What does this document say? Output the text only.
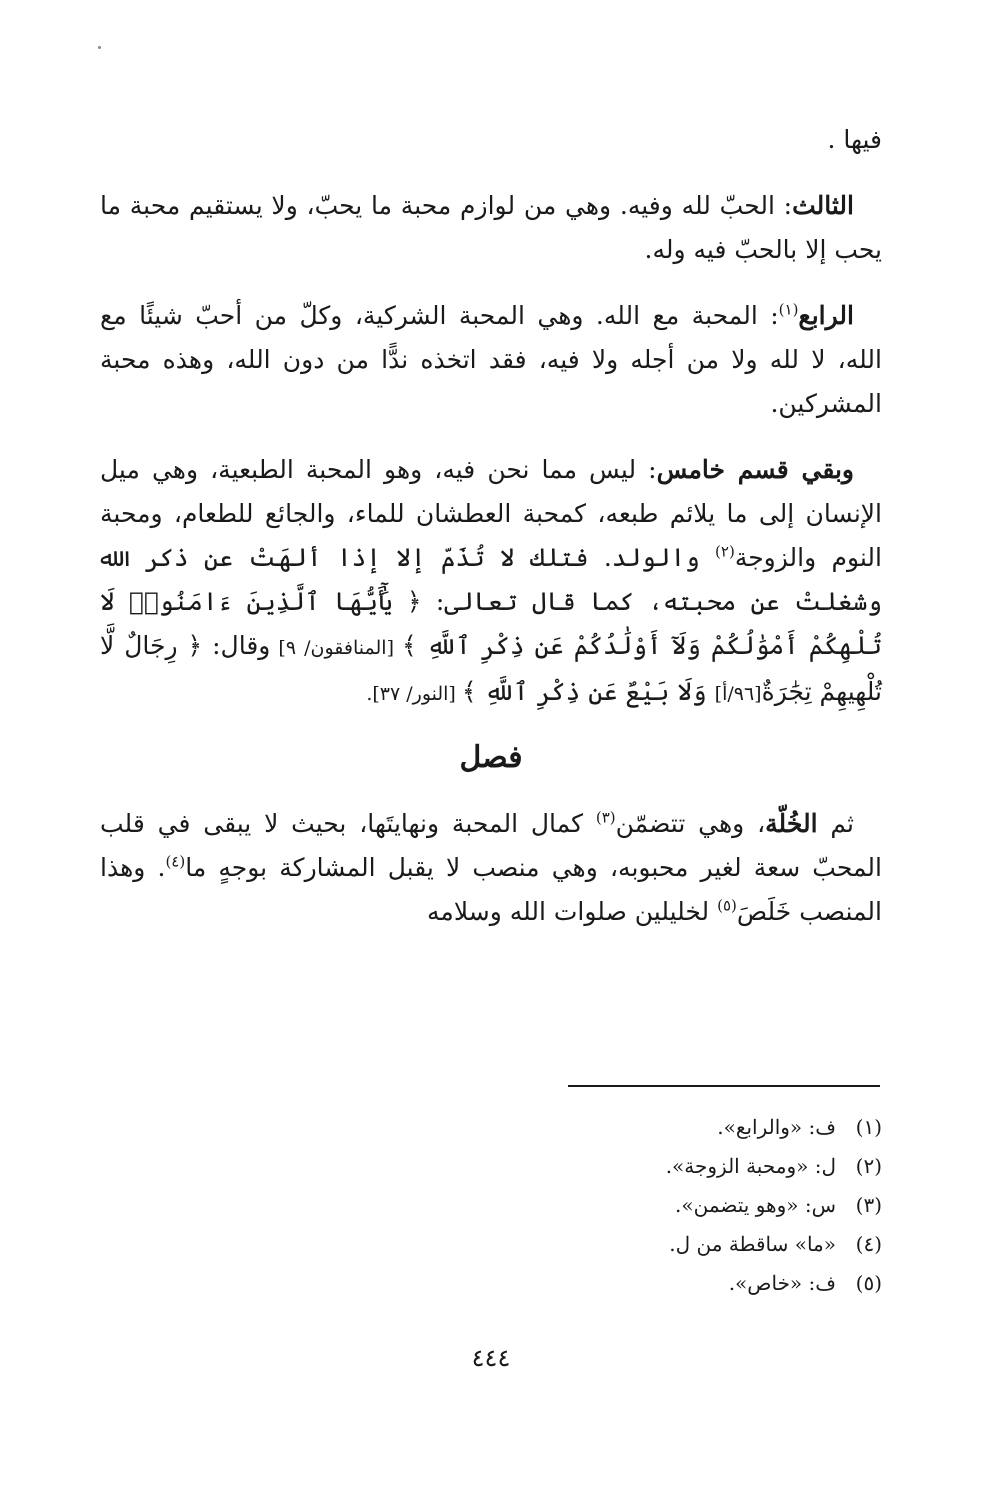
فيها .

الثالث: الحبّ لله وفيه. وهي من لوازم محبة ما يحبّ، ولا يستقيم محبة ما يحب إلا بالحبّ فيه وله.

الرابع$^{(١)}$: المحبة مع الله. وهي المحبة الشركية، وكلّ من أحبّ شيئًا مع الله، لا لله ولا من أجله ولا فيه، فقد اتخذه ندًّا من دون الله، وهذه محبة المشركين.

وبقي قسم خامس: ليس مما نحن فيه، وهو المحبة الطبعية، وهي ميل الإنسان إلى ما يلائم طبعه، كمحبة العطشان للماء، والجائع للطعام، ومحبة النوم والزوجة$^{(٢)}$ والولد. فتلك لا تُذَمّ إلا إذا ألهَتْ عن ذكر الله وشغلتْ عن محبته، كما قال تعالى: ﴿ يَٰٓأَيُّهَا ٱلَّذِينَ ءَامَنُوا۟ لَا تُلْهِكُمْ أَمْوَٰلُكُمْ وَلَآ أَوْلَٰدُكُمْ عَن ذِكْرِ ٱللَّهِ ﴾ [المنافقون/ ٩] وقال: ﴿ رِجَالٌ لَّا تُلْهِيهِمْ تِجَٰرَةٌ[٩٦/أ] وَلَا بَيْعٌ عَن ذِكْرِ ٱللَّهِ ﴾ [النور/ ٣٧].

فصل

ثم الخُلّة، وهي تتضمّن$^{(٣)}$ كمال المحبة ونهايتَها، بحيث لا يبقى في قلب المحبّ سعة لغير محبوبه، وهي منصب لا يقبل المشاركة بوجهٍ ما$^{(٤)}$. وهذا المنصب خَلَصَ$^{(٥)}$ لخليلين صلوات الله وسلامه

(١)ف: «والرابع».
(٢)ل: «ومحبة الزوجة».
(٣)س: «وهو يتضمن».
(٤)«ما» ساقطة من ل.
(٥)ف: «خاص».
٤٤٤
